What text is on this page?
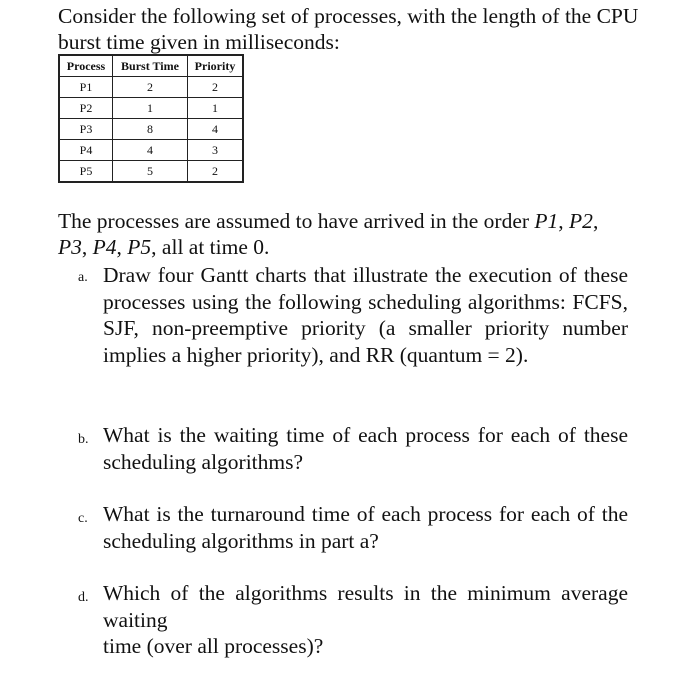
Consider the following set of processes, with the length of the CPU burst time given in milliseconds:
Process	Burst Time	Priority
P1	2	2
P2	1	1
P3	8	4
P4	4	3
P5	5	2
The processes are assumed to have arrived in the order P1, P2, P3, P4, P5, all at time 0.
a. Draw four Gantt charts that illustrate the execution of these processes using the following scheduling algorithms: FCFS, SJF, non-preemptive priority (a smaller priority number implies a higher priority), and RR (quantum = 2).
b. What is the waiting time of each process for each of these scheduling algorithms?
c. What is the turnaround time of each process for each of the scheduling algorithms in part a?
d. Which of the algorithms results in the minimum average
waiting
time (over all processes)?
